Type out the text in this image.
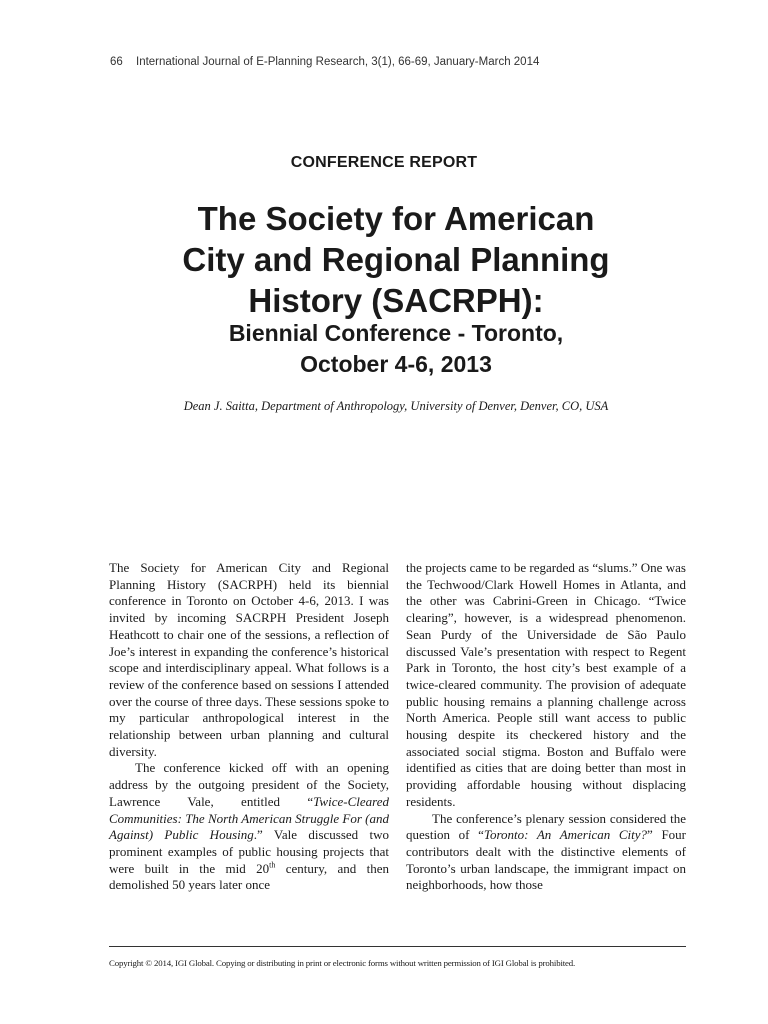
66 International Journal of E-Planning Research, 3(1), 66-69, January-March 2014
CONFERENCE REPORT
The Society for American
City and Regional Planning
History (SACRPH):
Biennial Conference - Toronto,
October 4-6, 2013
Dean J. Saitta, Department of Anthropology, University of Denver, Denver, CO, USA

The Society for American City and Regional Planning History (SACRPH) held its biennial conference in Toronto on October 4-6, 2013. I was invited by incoming SACRPH President Joseph Heathcott to chair one of the sessions, a reflection of Joe’s interest in expanding the conference’s historical scope and interdisciplinary appeal. What follows is a review of the conference based on sessions I attended over the course of three days. These sessions spoke to my particular anthropological interest in the relationship between urban planning and cultural diversity.

The conference kicked off with an opening address by the outgoing president of the Society, Lawrence Vale, entitled “Twice-Cleared Communities: The North American Struggle For (and Against) Public Housing.” Vale discussed two prominent examples of public housing projects that were built in the mid 20th century, and then demolished 50 years later once

the projects came to be regarded as “slums.” One was the Techwood/Clark Howell Homes in Atlanta, and the other was Cabrini-Green in Chicago. “Twice clearing”, however, is a widespread phenomenon. Sean Purdy of the Universidade de São Paulo discussed Vale’s presentation with respect to Regent Park in Toronto, the host city’s best example of a twice-cleared community. The provision of adequate public housing remains a planning challenge across North America. People still want access to public housing despite its checkered history and the associated social stigma. Boston and Buffalo were identified as cities that are doing better than most in providing affordable housing without displacing residents.

The conference’s plenary session considered the question of “Toronto: An American City?” Four contributors dealt with the distinctive elements of Toronto’s urban landscape, the immigrant impact on neighborhoods, how those

Copyright © 2014, IGI Global. Copying or distributing in print or electronic forms without written permission of IGI Global is prohibited.
